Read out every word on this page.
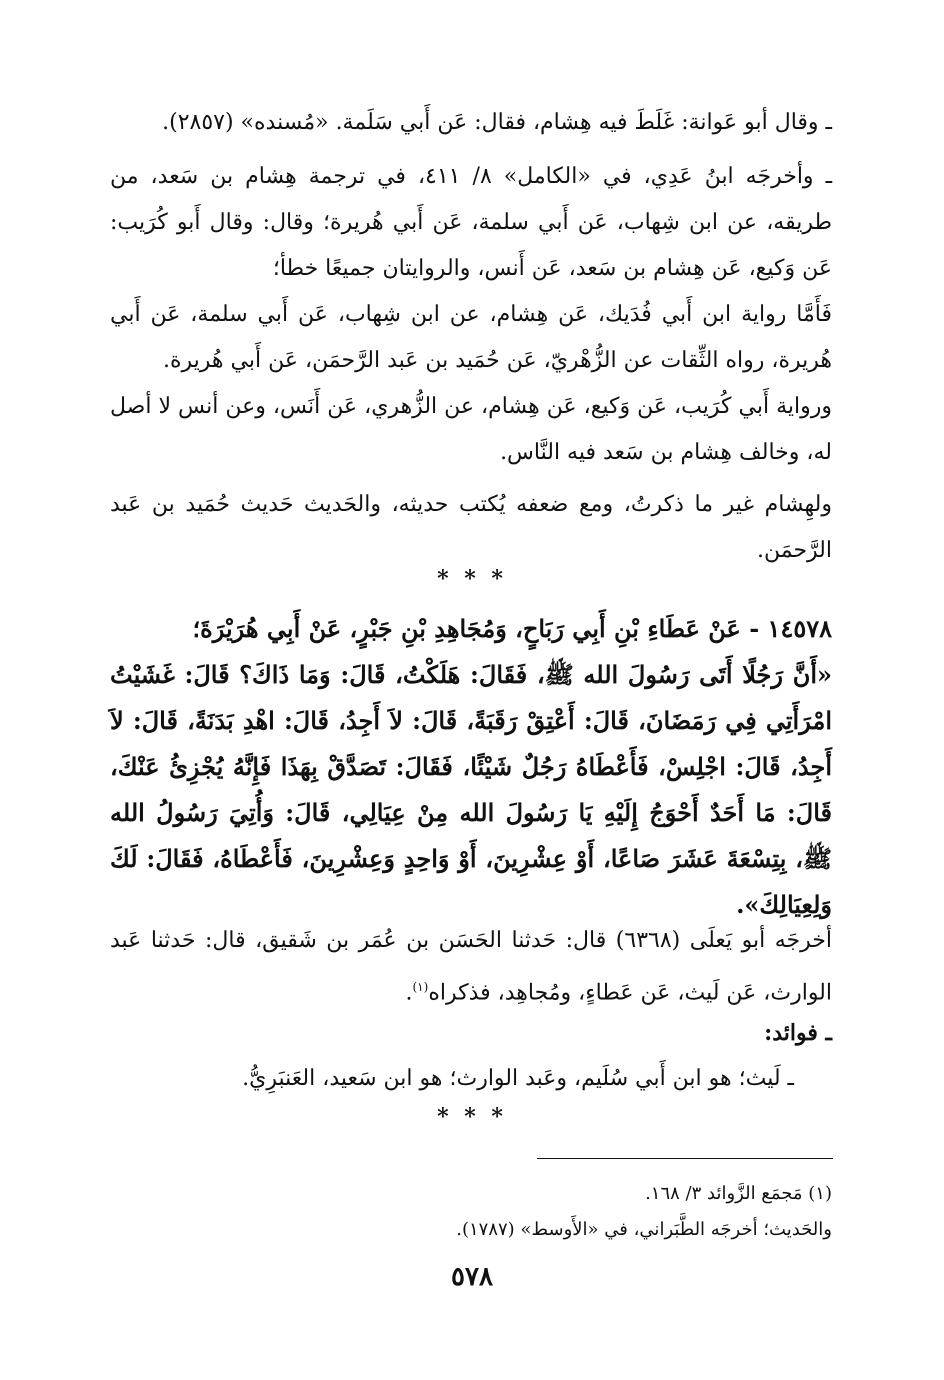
ـ وقال أبو عَوانة: غَلَطَ فيه هِشام، فقال: عَن أَبي سَلَمة. «مُسنده» (٢٨٥٧).
ـ وأخرجَه ابنُ عَدِي، في «الكامل» ٨/ ٤١١، في ترجمة هِشام بن سَعد، من طريقه، عن ابن شِهاب، عَن أَبي سلمة، عَن أَبي هُريرة؛ وقال: وقال أَبو كُرَيب: عَن وَكيع، عَن هِشام بن سَعد، عَن أَنس، والروايتان جميعًا خطأ؛
فَأَمَّا رواية ابن أَبي فُدَيك، عَن هِشام، عن ابن شِهاب، عَن أَبي سلمة، عَن أَبي هُريرة، رواه الثِّقات عن الزُّهْريّ، عَن حُمَيد بن عَبد الرَّحمَن، عَن أَبي هُريرة.
ورواية أَبي كُرَيب، عَن وَكيع، عَن هِشام، عن الزُّهري، عَن أَنَس، وعن أنس لا أصل له، وخالف هِشام بن سَعد فيه النَّاس.
ولهِشام غير ما ذكرتُ، ومع ضعفه يُكتب حديثه، والحَديث حَديث حُمَيد بن عَبد الرَّحمَن.
* * *
١٤٥٧٨ - عَنْ عَطَاءِ بْنِ أَبِي رَبَاحٍ، وَمُجَاهِدِ بْنِ جَبْرٍ، عَنْ أَبِي هُرَيْرَةَ؛
«أَنَّ رَجُلًا أَتَى رَسُولَ الله ﷺ، فَقَالَ: هَلَكْتُ، قَالَ: وَمَا ذَاكَ؟ قَالَ: غَشَيْتُ امْرَأَتِي فِي رَمَضَانَ، قَالَ: أَعْتِقْ رَقَبَةً، قَالَ: لاَ أَجِدُ، قَالَ: اهْدِ بَدَنَةً، قَالَ: لاَ أَجِدُ، قَالَ: اجْلِسْ، فَأَعْطَاهُ رَجُلٌ شَيْئًا، فَقَالَ: تَصَدَّقْ بِهَذَا فَإِنَّهُ يُجْزِئُ عَنْكَ، قَالَ: مَا أَحَدٌ أَحْوَجُ إِلَيْهِ يَا رَسُولَ الله مِنْ عِيَالِي، قَالَ: وَأُتِيَ رَسُولُ الله ﷺ، بِتِسْعَةَ عَشَرَ صَاعًا، أَوْ عِشْرِينَ، أَوْ وَاحِدٍ وَعِشْرِينَ، فَأَعْطَاهُ، فَقَالَ: لَكَ وَلِعِيَالِكَ».
أخرجَه أبو يَعلَى (٦٣٦٨) قال: حَدثنا الحَسَن بن عُمَر بن شَقيق، قال: حَدثنا عَبد الوارث، عَن لَيث، عَن عَطاءٍ، ومُجاهِد، فذكراه$^{(١)}$.
ـ فوائد:
ـ لَيث؛ هو ابن أَبي سُلَيم، وعَبد الوارث؛ هو ابن سَعيد، العَنبَرِيُّ.
* * *
(١) مَجمَع الزَّوائد ٣/ ١٦٨.
والحَديث؛ أخرجَه الطَّبَراني، في «الأَوسط» (١٧٨٧).
٥٧٨
